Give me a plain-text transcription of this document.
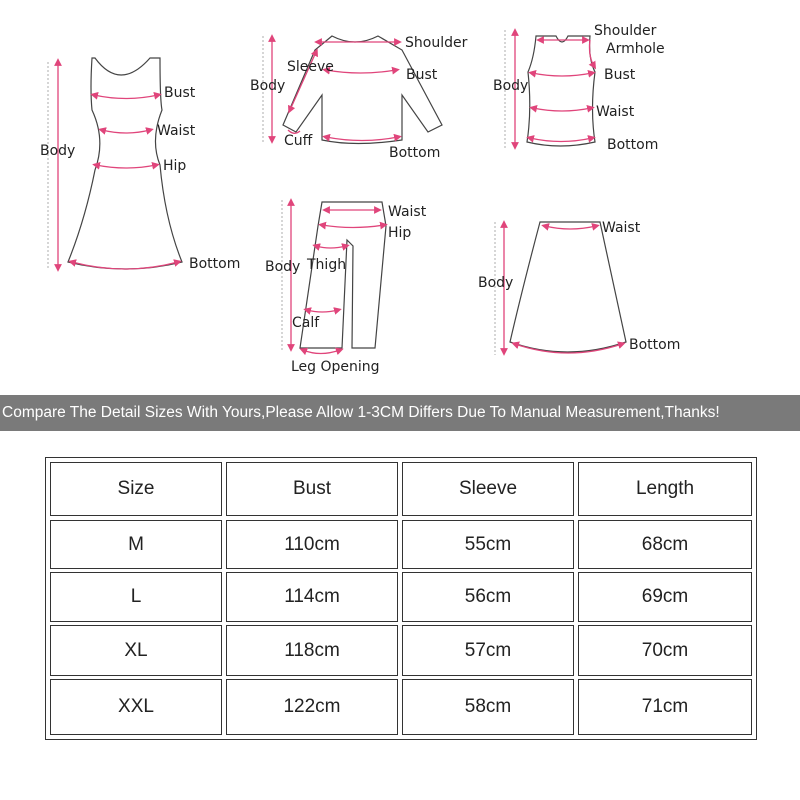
Body
Bust
Waist
Hip
Bottom
Shoulder
Sleeve
Body
Bust
Cuff
Bottom
Shoulder
Armhole
Body
Bust
Waist
Bottom
Waist
Hip
Body Thigh
Calf
Leg Opening
Waist
Body
Bottom
Compare The Detail Sizes With Yours,Please Allow 1-3CM Differs Due To Manual Measurement,Thanks!
Size	Bust	Sleeve	Length
M	110cm	55cm	68cm
L	114cm	56cm	69cm
XL	118cm	57cm	70cm
XXL	122cm	58cm	71cm
